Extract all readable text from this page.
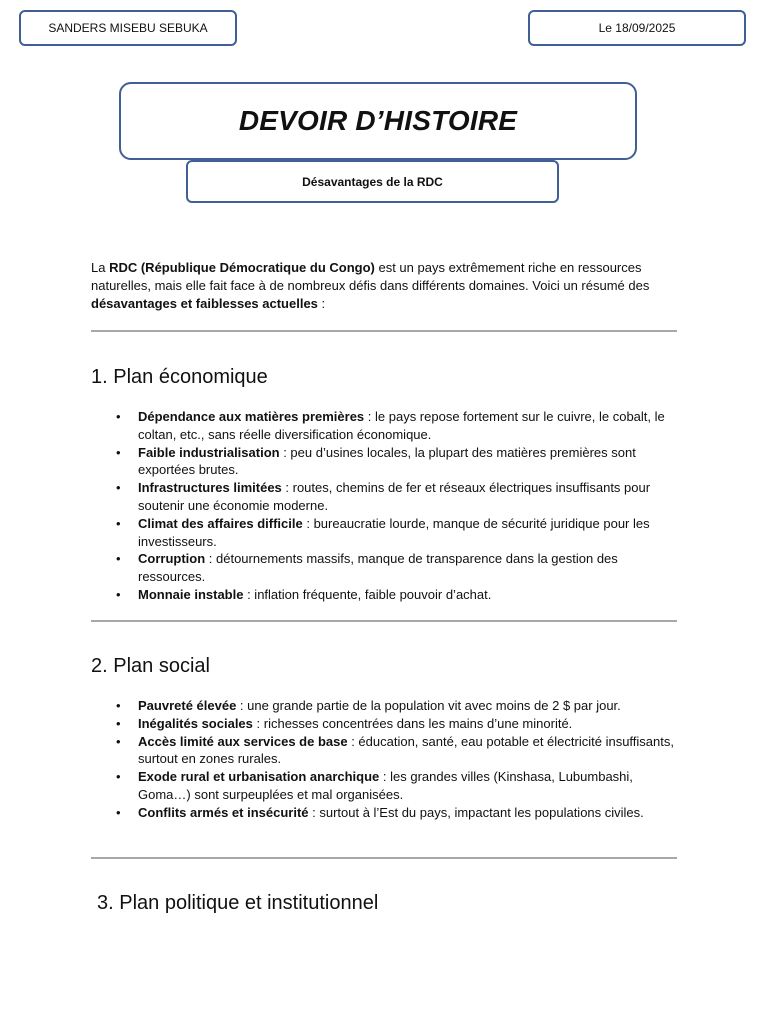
SANDERS MISEBU SEBUKA	Le 18/09/2025
DEVOIR D’HISTOIRE
Désavantages de la RDC

La RDC (République Démocratique du Congo) est un pays extrêmement riche en ressources naturelles, mais elle fait face à de nombreux défis dans différents domaines. Voici un résumé des désavantages et faiblesses actuelles :

1. Plan économique
• Dépendance aux matières premières : le pays repose fortement sur le cuivre, le cobalt, le coltan, etc., sans réelle diversification économique.
• Faible industrialisation : peu d’usines locales, la plupart des matières premières sont exportées brutes.
• Infrastructures limitées : routes, chemins de fer et réseaux électriques insuffisants pour soutenir une économie moderne.
• Climat des affaires difficile : bureaucratie lourde, manque de sécurité juridique pour les investisseurs.
• Corruption : détournements massifs, manque de transparence dans la gestion des ressources.
• Monnaie instable : inflation fréquente, faible pouvoir d’achat.
2. Plan social
• Pauvreté élevée : une grande partie de la population vit avec moins de 2 $ par jour.
• Inégalités sociales : richesses concentrées dans les mains d’une minorité.
• Accès limité aux services de base : éducation, santé, eau potable et électricité insuffisants, surtout en zones rurales.
• Exode rural et urbanisation anarchique : les grandes villes (Kinshasa, Lubumbashi, Goma…) sont surpeuplées et mal organisées.
• Conflits armés et insécurité : surtout à l’Est du pays, impactant les populations civiles.
3. Plan politique et institutionnel
